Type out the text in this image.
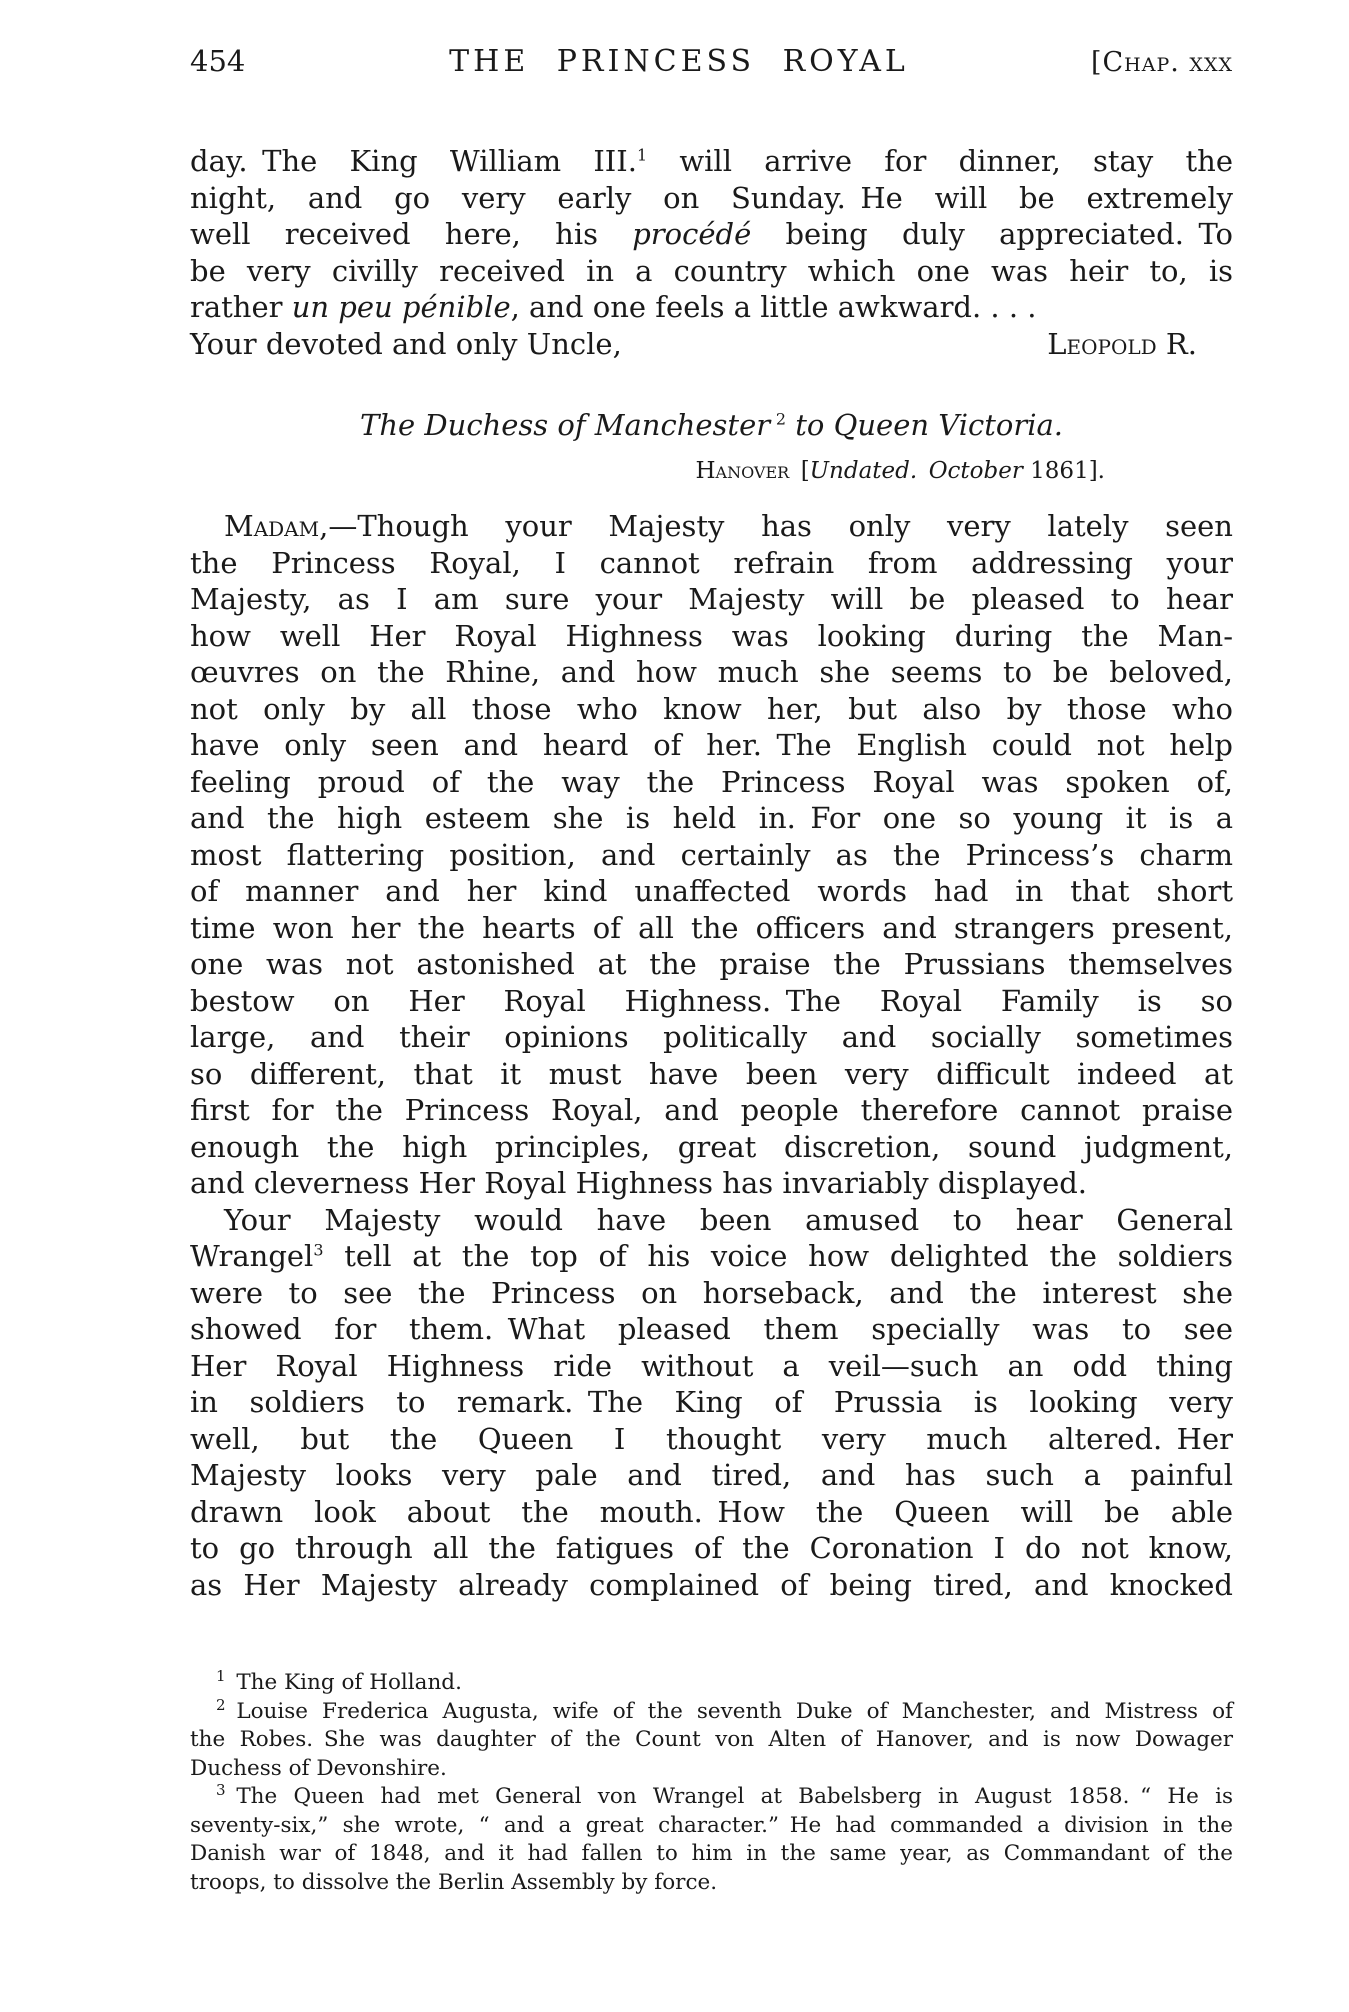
454	THE PRINCESS ROYAL	[Chap. xxx
day. The King William III.$^1$ will arrive for dinner, stay the
night, and go very early on Sunday. He will be extremely
well received here, his procédé being duly appreciated. To
be very civilly received in a country which one was heir to, is
rather un peu pénible, and one feels a little awkward. . . .
Your devoted and only Uncle,	Leopold R.
The Duchess of Manchester  $^2$ to Queen Victoria.
Hanover [Undated. October 1861].
Madam,—Though your Majesty has only very lately seen
the Princess Royal, I cannot refrain from addressing your
Majesty, as I am sure your Majesty will be pleased to hear
how well Her Royal Highness was looking during the Man-
œuvres on the Rhine, and how much she seems to be beloved,
not only by all those who know her, but also by those who
have only seen and heard of her. The English could not help
feeling proud of the way the Princess Royal was spoken of,
and the high esteem she is held in. For one so young it is a
most flattering position, and certainly as the Princess’s charm
of manner and her kind unaffected words had in that short
time won her the hearts of all the officers and strangers present,
one was not astonished at the praise the Prussians themselves
bestow on Her Royal Highness. The Royal Family is so
large, and their opinions politically and socially sometimes
so different, that it must have been very difficult indeed at
first for the Princess Royal, and people therefore cannot praise
enough the high principles, great discretion, sound judgment,
and cleverness Her Royal Highness has invariably displayed.
Your Majesty would have been amused to hear General
Wrangel$^3$ tell at the top of his voice how delighted the soldiers
were to see the Princess on horseback, and the interest she
showed for them. What pleased them specially was to see
Her Royal Highness ride without a veil—such an odd thing
in soldiers to remark. The King of Prussia is looking very
well, but the Queen I thought very much altered. Her
Majesty looks very pale and tired, and has such a painful
drawn look about the mouth. How the Queen will be able
to go through all the fatigues of the Coronation I do not know,
as Her Majesty already complained of being tired, and knocked
$^1$ The King of Holland.
$^2$ Louise Frederica Augusta, wife of the seventh Duke of Manchester, and Mistress of
the Robes. She was daughter of the Count von Alten of Hanover, and is now Dowager
Duchess of Devonshire.
$^3$ The Queen had met General von Wrangel at Babelsberg in August 1858. “ He is
seventy-six,” she wrote, “ and a great character.” He had commanded a division in the
Danish war of 1848, and it had fallen to him in the same year, as Commandant of the
troops, to dissolve the Berlin Assembly by force.
